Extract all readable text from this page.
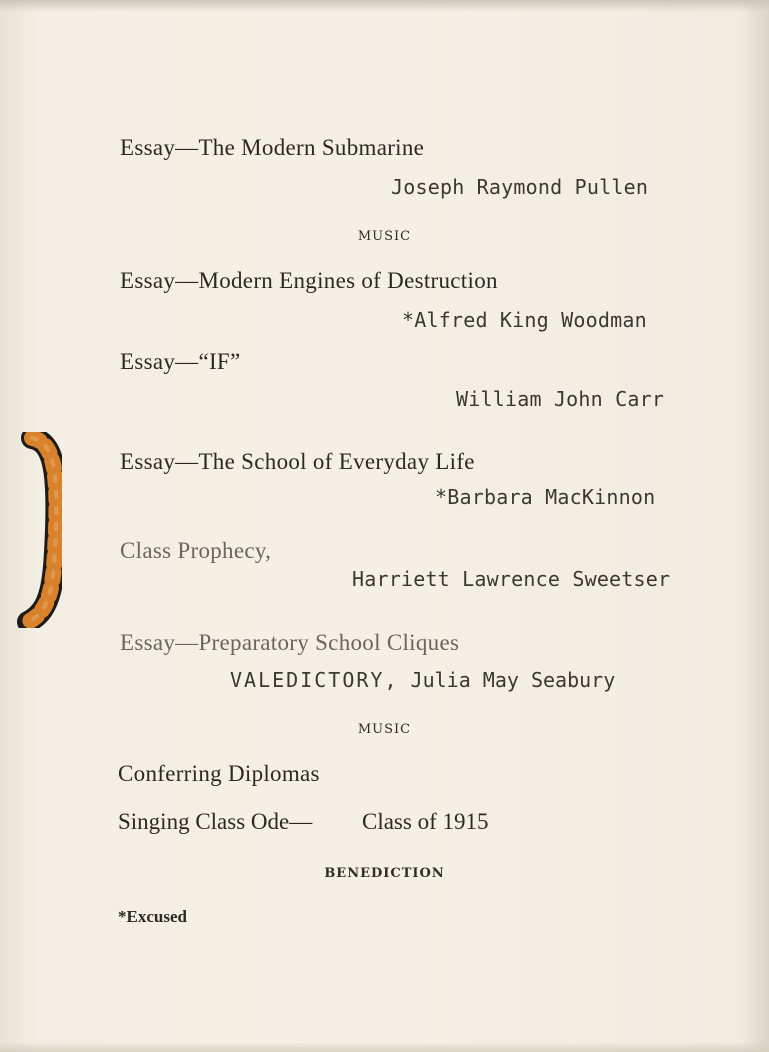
Essay—The Modern Submarine
Joseph Raymond Pullen
MUSIC
Essay—Modern Engines of Destruction
*Alfred King Woodman
Essay—“IF”
William John Carr
Essay—The School of Everyday Life
*Barbara MacKinnon
Class Prophecy,
Harriett Lawrence Sweetser
Essay—Preparatory School Cliques
VALEDICTORY, Julia May Seabury
MUSIC
Conferring Diplomas
Singing Class Ode— Class of 1915
BENEDICTION
*Excused
